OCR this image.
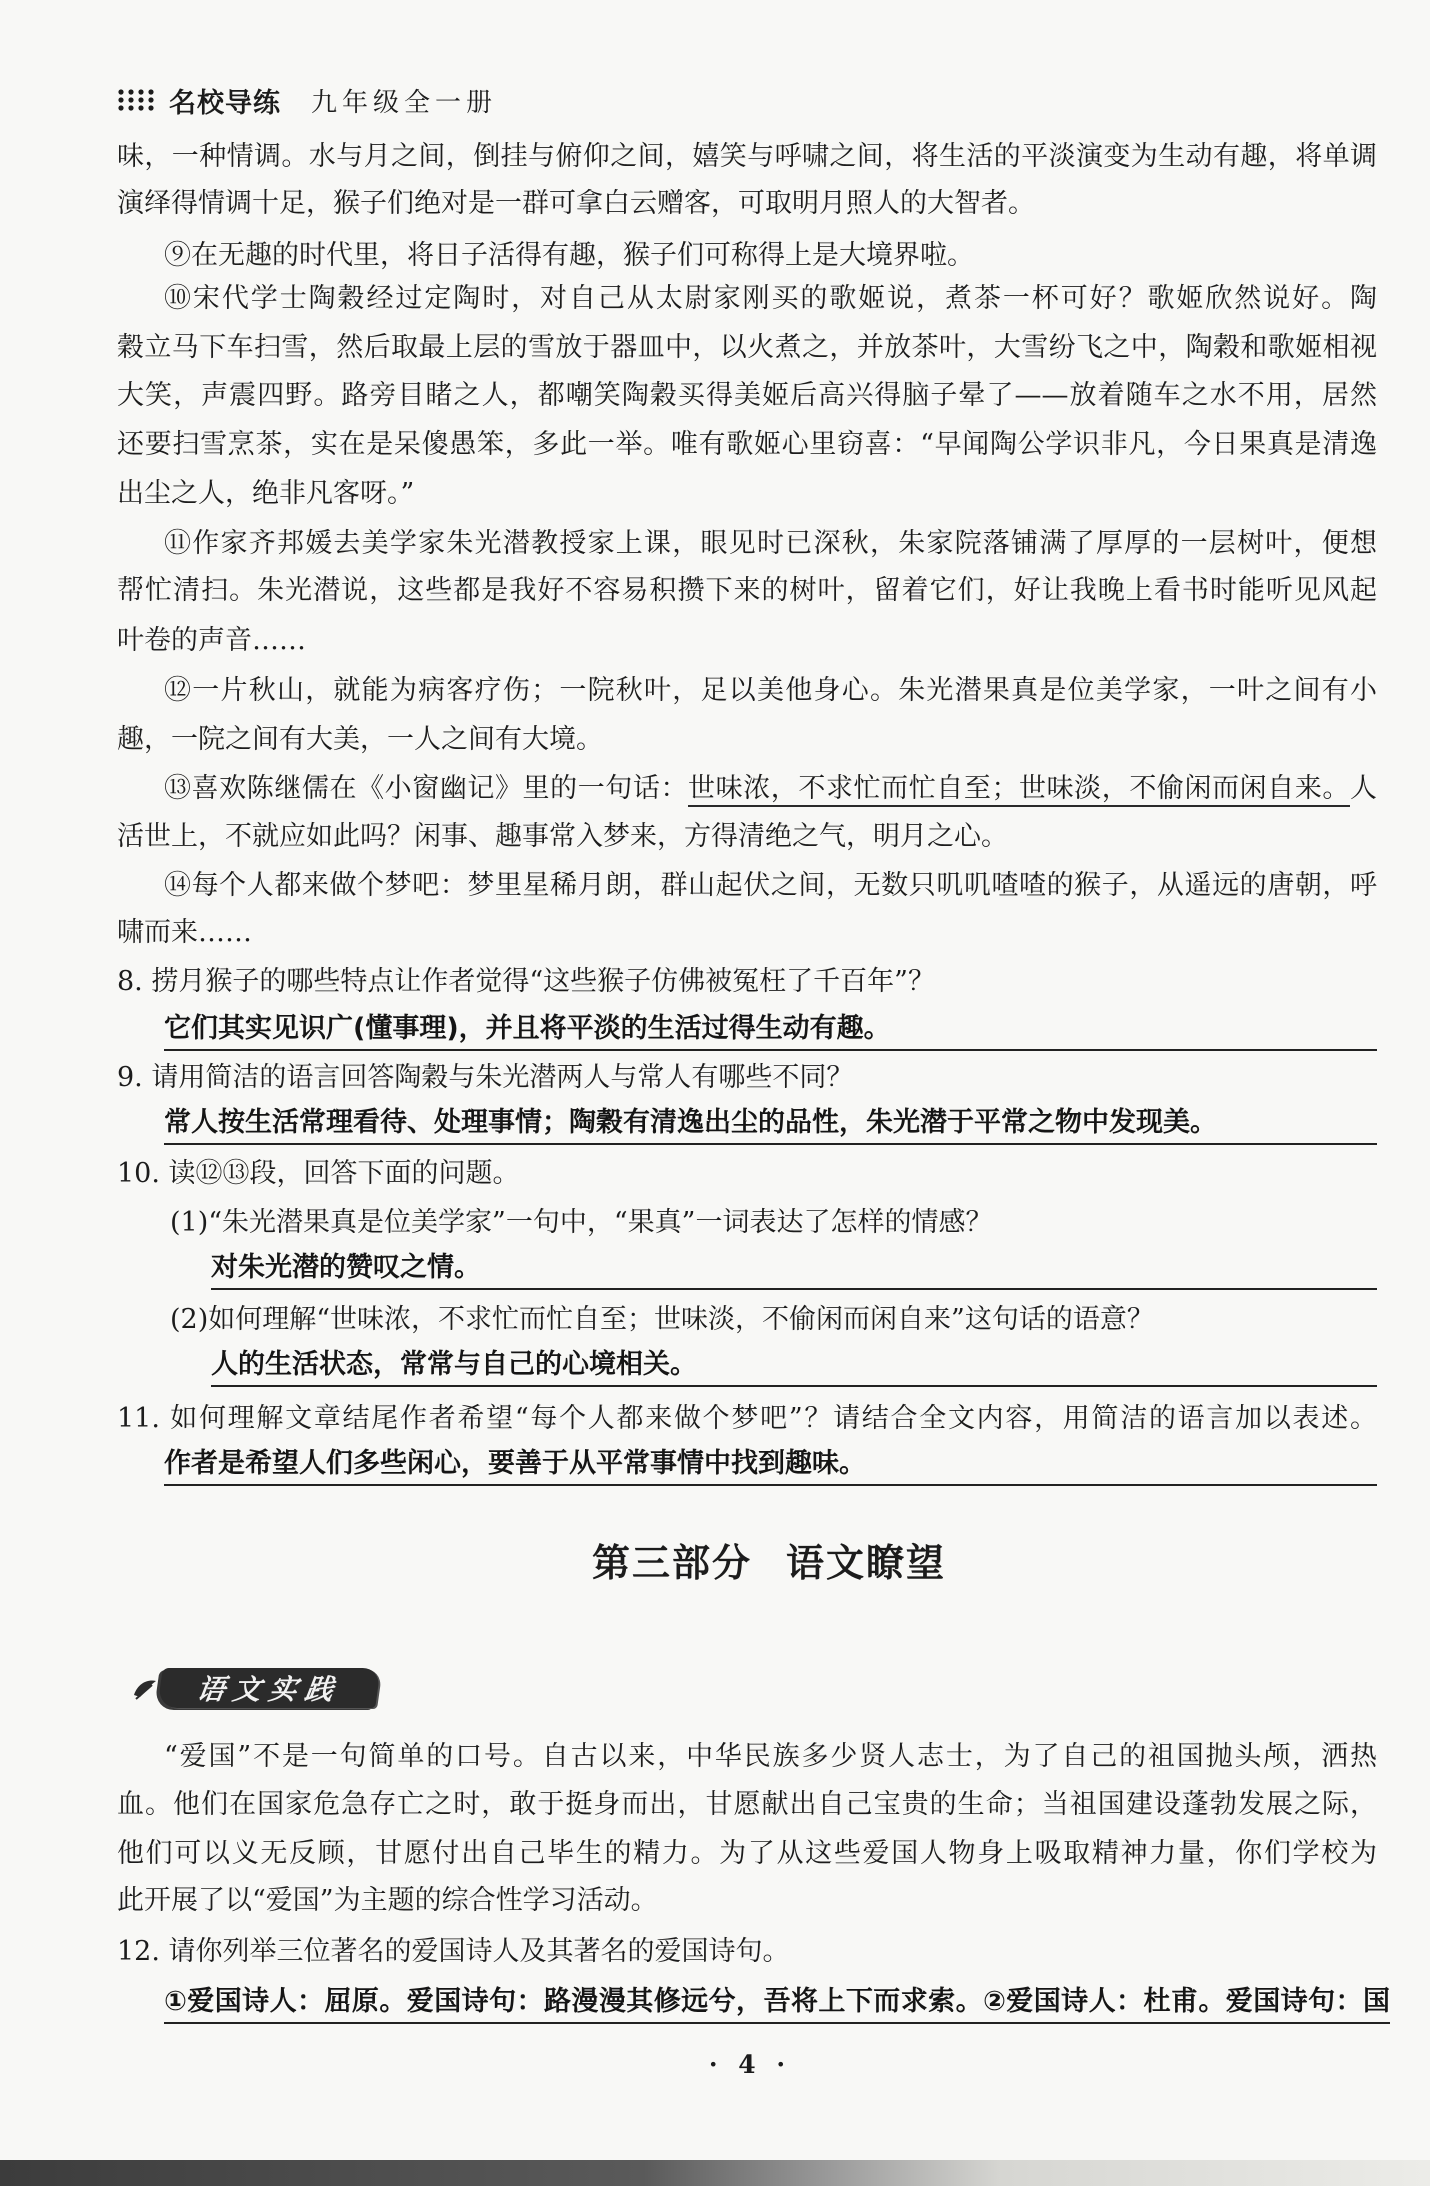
名校导练 九年级全一册
味，一种情调。水与月之间，倒挂与俯仰之间，嬉笑与呼啸之间，将生活的平淡演变为生动有趣，将单调
演绎得情调十足，猴子们绝对是一群可拿白云赠客，可取明月照人的大智者。
⑨在无趣的时代里，将日子活得有趣，猴子们可称得上是大境界啦。
⑩宋代学士陶穀经过定陶时，对自己从太尉家刚买的歌姬说，煮茶一杯可好？歌姬欣然说好。陶
穀立马下车扫雪，然后取最上层的雪放于器皿中，以火煮之，并放茶叶，大雪纷飞之中，陶穀和歌姬相视
大笑，声震四野。路旁目睹之人，都嘲笑陶穀买得美姬后高兴得脑子晕了——放着随车之水不用，居然
还要扫雪烹茶，实在是呆傻愚笨，多此一举。唯有歌姬心里窃喜：“早闻陶公学识非凡，今日果真是清逸
出尘之人，绝非凡客呀。”
⑪作家齐邦媛去美学家朱光潜教授家上课，眼见时已深秋，朱家院落铺满了厚厚的一层树叶，便想
帮忙清扫。朱光潜说，这些都是我好不容易积攒下来的树叶，留着它们，好让我晚上看书时能听见风起
叶卷的声音……
⑫一片秋山，就能为病客疗伤；一院秋叶，足以美他身心。朱光潜果真是位美学家，一叶之间有小
趣，一院之间有大美，一人之间有大境。
⑬喜欢陈继儒在《小窗幽记》里的一句话：世味浓，不求忙而忙自至；世味淡，不偷闲而闲自来。人
活世上，不就应如此吗？闲事、趣事常入梦来，方得清绝之气，明月之心。
⑭每个人都来做个梦吧：梦里星稀月朗，群山起伏之间，无数只叽叽喳喳的猴子，从遥远的唐朝，呼
啸而来……
8. 捞月猴子的哪些特点让作者觉得“这些猴子仿佛被冤枉了千百年”？
它们其实见识广(懂事理)，并且将平淡的生活过得生动有趣。
9. 请用简洁的语言回答陶穀与朱光潜两人与常人有哪些不同？
常人按生活常理看待、处理事情；陶穀有清逸出尘的品性，朱光潜于平常之物中发现美。
10. 读⑫⑬段，回答下面的问题。
(1)“朱光潜果真是位美学家”一句中，“果真”一词表达了怎样的情感？
对朱光潜的赞叹之情。
(2)如何理解“世味浓，不求忙而忙自至；世味淡，不偷闲而闲自来”这句话的语意？
人的生活状态，常常与自己的心境相关。
11. 如何理解文章结尾作者希望“每个人都来做个梦吧”？请结合全文内容，用简洁的语言加以表述。
作者是希望人们多些闲心，要善于从平常事情中找到趣味。
第三部分 语文瞭望
语文实践
“爱国”不是一句简单的口号。自古以来，中华民族多少贤人志士，为了自己的祖国抛头颅，洒热
血。他们在国家危急存亡之时，敢于挺身而出，甘愿献出自己宝贵的生命；当祖国建设蓬勃发展之际，
他们可以义无反顾，甘愿付出自己毕生的精力。为了从这些爱国人物身上吸取精神力量，你们学校为
此开展了以“爱国”为主题的综合性学习活动。
12. 请你列举三位著名的爱国诗人及其著名的爱国诗句。
①爱国诗人：屈原。爱国诗句：路漫漫其修远兮，吾将上下而求索。②爱国诗人：杜甫。爱国诗句：国
· 4 ·
